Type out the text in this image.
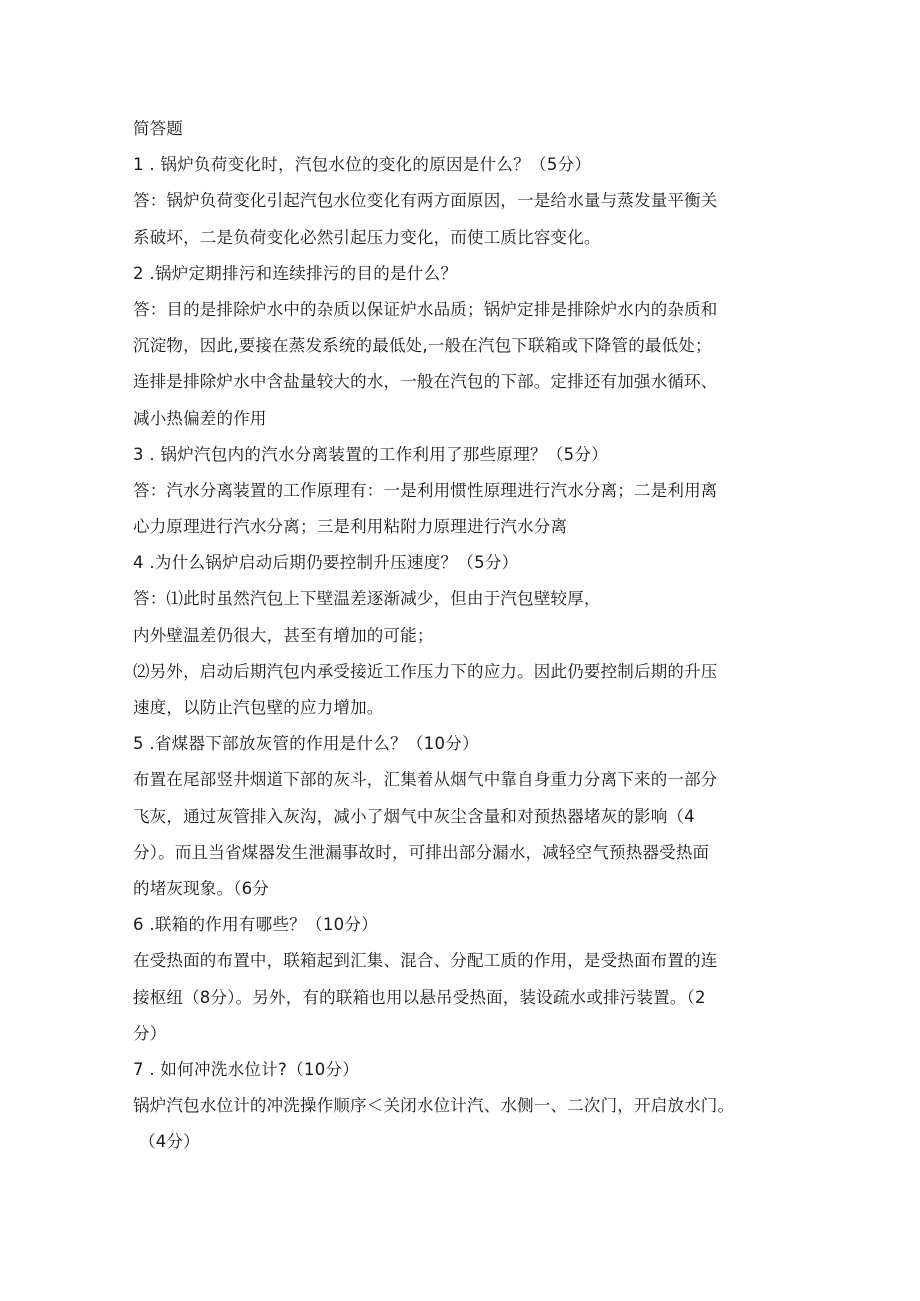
简答题
1 . 锅炉负荷变化时，汽包水位的变化的原因是什么？（5分）
答：锅炉负荷变化引起汽包水位变化有两方面原因，一是给水量与蒸发量平衡关
系破坏，二是负荷变化必然引起压力变化，而使工质比容变化。
2 .锅炉定期排污和连续排污的目的是什么？
答：目的是排除炉水中的杂质以保证炉水品质；锅炉定排是排除炉水内的杂质和
沉淀物，因此,要接在蒸发系统的最低处,一般在汽包下联箱或下降管的最低处；
连排是排除炉水中含盐量较大的水，一般在汽包的下部。定排还有加强水循环、
减小热偏差的作用
3 . 锅炉汽包内的汽水分离装置的工作利用了那些原理？（5分）
答：汽水分离装置的工作原理有：一是利用惯性原理进行汽水分离；二是利用离
心力原理进行汽水分离；三是利用粘附力原理进行汽水分离
4 .为什么锅炉启动后期仍要控制升压速度？（5分）
答：⑴此时虽然汽包上下壁温差逐渐减少，但由于汽包壁较厚，
内外壁温差仍很大，甚至有增加的可能；
⑵另外，启动后期汽包内承受接近工作压力下的应力。因此仍要控制后期的升压
速度，以防止汽包壁的应力增加。
5 .省煤器下部放灰管的作用是什么？（10分）
布置在尾部竖井烟道下部的灰斗，汇集着从烟气中靠自身重力分离下来的一部分
飞灰，通过灰管排入灰沟，减小了烟气中灰尘含量和对预热器堵灰的影响（4
分）。而且当省煤器发生泄漏事故时，可排出部分漏水，减轻空气预热器受热面
的堵灰现象。（6分
6 .联箱的作用有哪些？（10分）
在受热面的布置中，联箱起到汇集、混合、分配工质的作用，是受热面布置的连
接枢纽（8分）。另外，有的联箱也用以悬吊受热面，装设疏水或排污装置。（2
分）
7 . 如何冲洗水位计?（10分）
锅炉汽包水位计的冲洗操作顺序＜关闭水位计汽、水侧一、二次门，开启放水门。
（4分）
